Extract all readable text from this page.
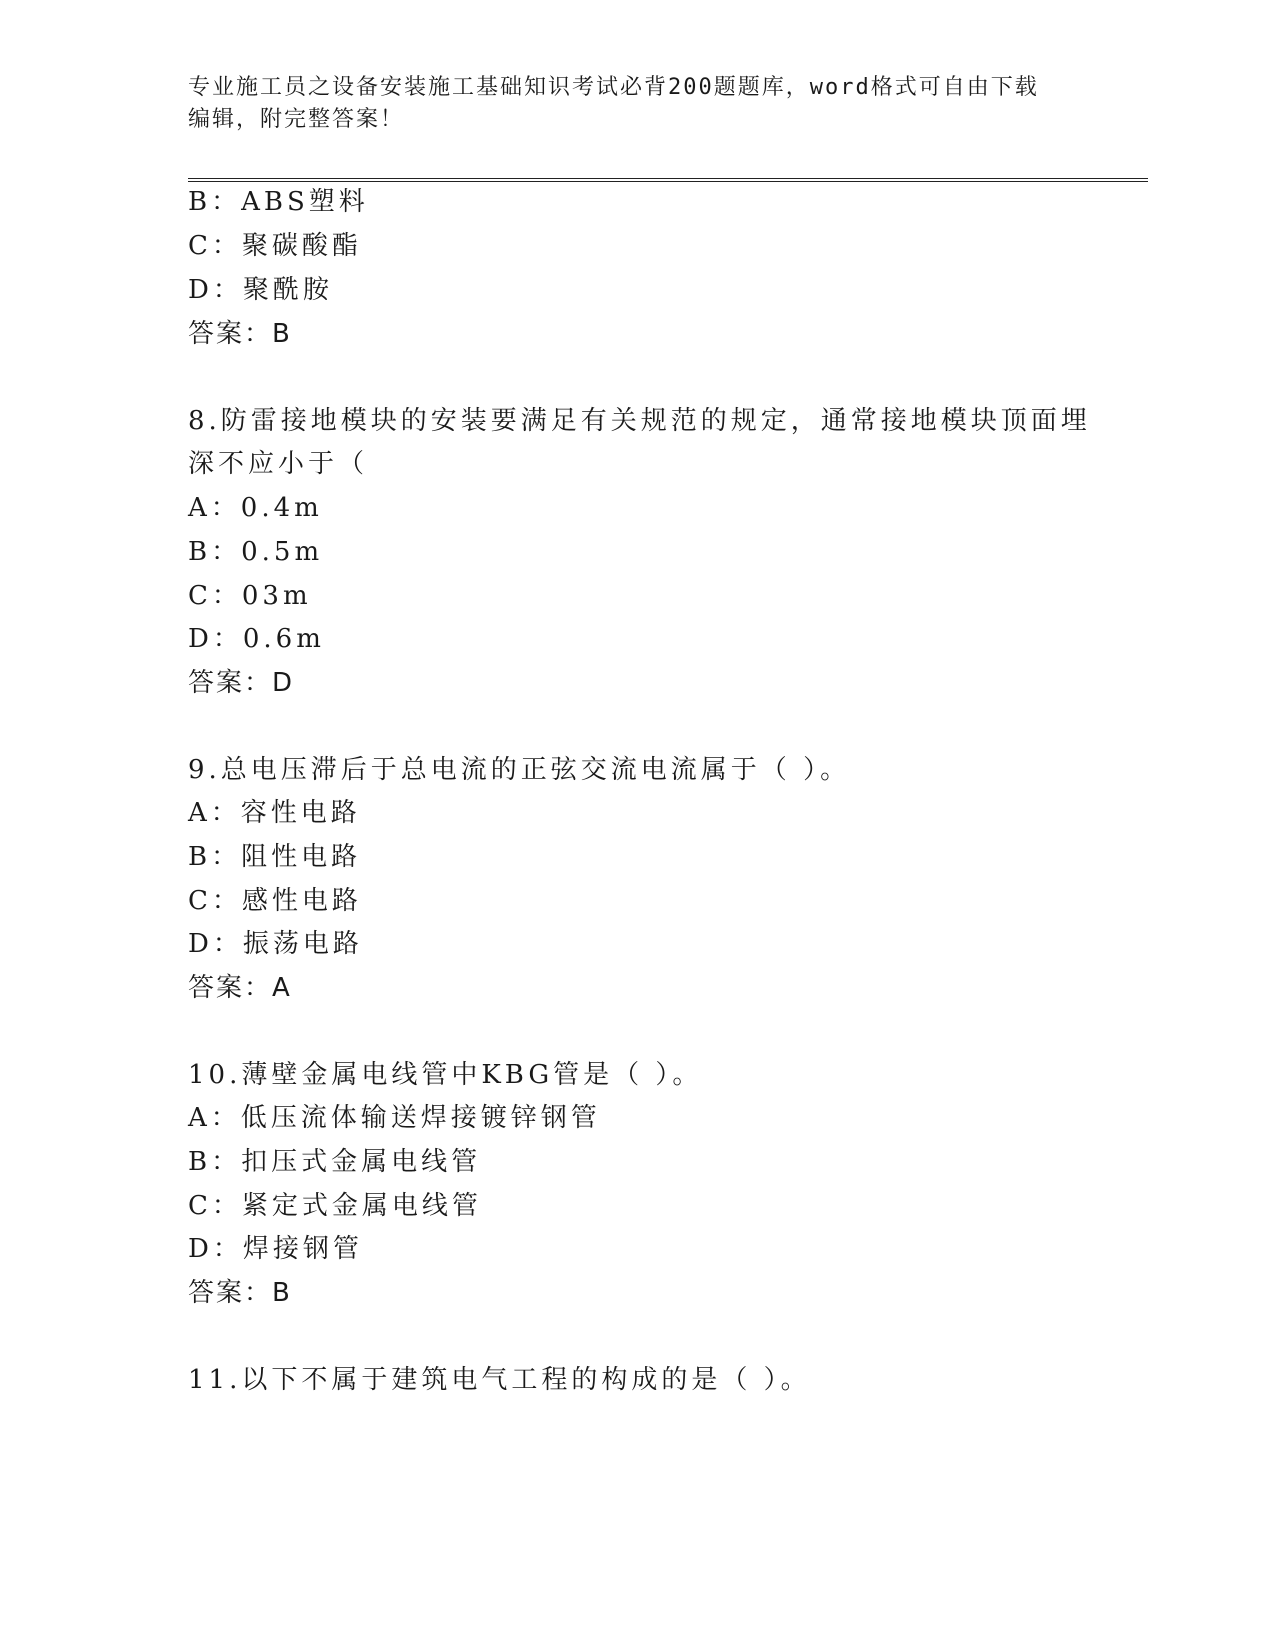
专业施工员之设备安装施工基础知识考试必背200题题库，word格式可自由下载
编辑，附完整答案！
B：ABS塑料
C：聚碳酸酯
D：聚酰胺
答案：B
8.防雷接地模块的安装要满足有关规范的规定，通常接地模块顶面埋
深不应小于（
A：0.4m
B：0.5m
C：03m
D：0.6m
答案：D
9.总电压滞后于总电流的正弦交流电流属于（ ）。
A：容性电路
B：阻性电路
C：感性电路
D：振荡电路
答案：A
10.薄壁金属电线管中KBG管是（ ）。
A：低压流体输送焊接镀锌钢管
B：扣压式金属电线管
C：紧定式金属电线管
D：焊接钢管
答案：B
11.以下不属于建筑电气工程的构成的是（ ）。
